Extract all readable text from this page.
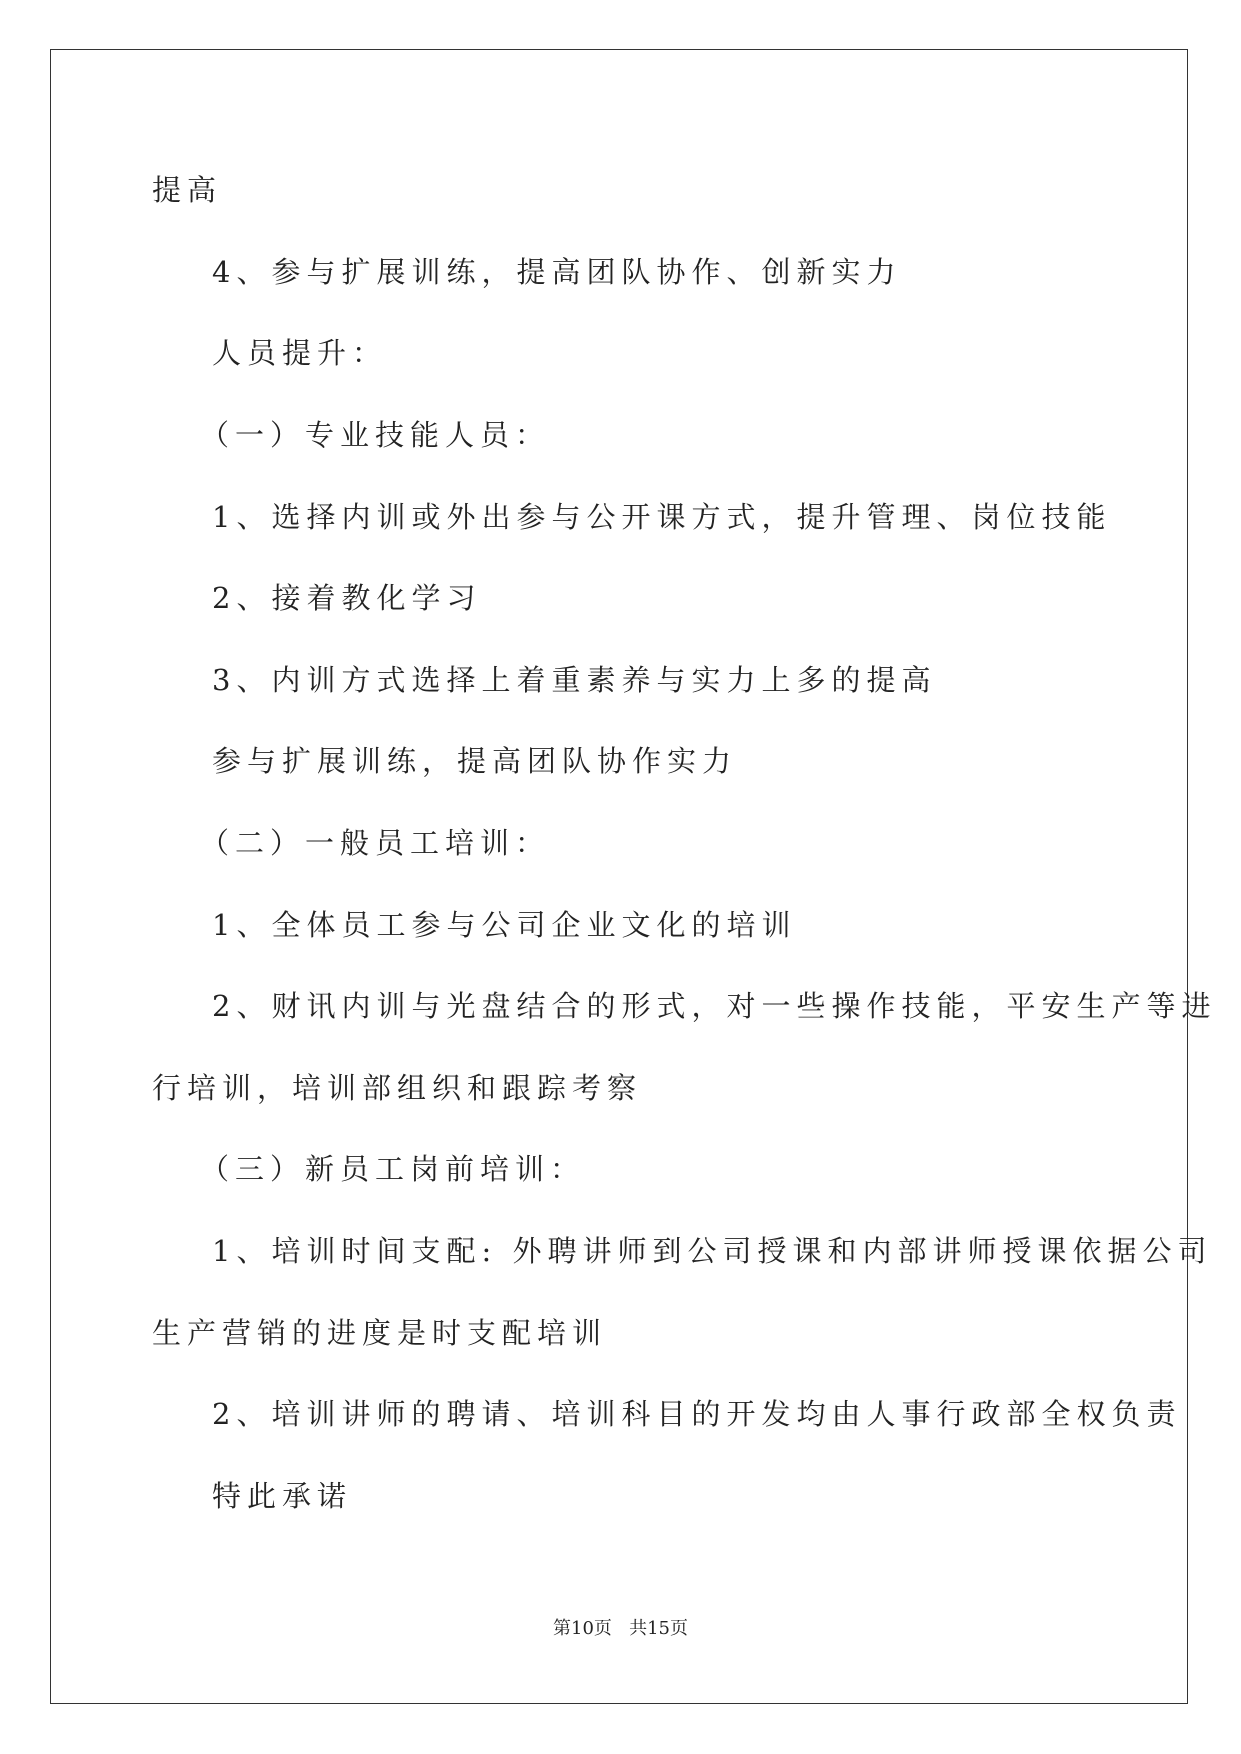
提高
4、参与扩展训练，提高团队协作、创新实力
人员提升：
（一）专业技能人员：
1、选择内训或外出参与公开课方式，提升管理、岗位技能
2、接着教化学习
3、内训方式选择上着重素养与实力上多的提高
参与扩展训练，提高团队协作实力
（二）一般员工培训：
1、全体员工参与公司企业文化的培训
2、财讯内训与光盘结合的形式，对一些操作技能，平安生产等进
行培训，培训部组织和跟踪考察
（三）新员工岗前培训：
1、培训时间支配: 外聘讲师到公司授课和内部讲师授课依据公司
生产营销的进度是时支配培训
2、培训讲师的聘请、培训科目的开发均由人事行政部全权负责
特此承诺
第10页 共15页
